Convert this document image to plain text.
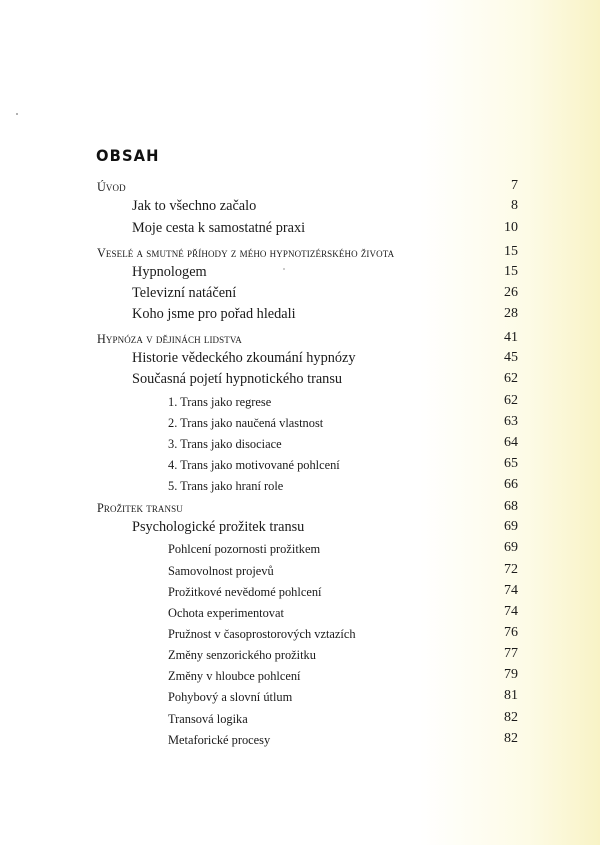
OBSAH
Úvod	7
Jak to všechno začalo	8
Moje cesta k samostatné praxi	10
Veselé a smutné příhody z mého hypnotizérského života	15
Hypnologem	15
Televizní natáčení	26
Koho jsme pro pořad hledali	28
Hypnóza v dějinách lidstva	41
Historie vědeckého zkoumání hypnózy	45
Současná pojetí hypnotického transu	62
1. Trans jako regrese	62
2. Trans jako naučená vlastnost	63
3. Trans jako disociace	64
4. Trans jako motivované pohlcení	65
5. Trans jako hraní role	66
Prožitek transu	68
Psychologické prožitek transu	69
Pohlcení pozornosti prožitkem	69
Samovolnost projevů	72
Prožitkové nevědomé pohlcení	74
Ochota experimentovat	74
Pružnost v časoprostorových vztazích	76
Změny senzorického prožitku	77
Změny v hloubce pohlcení	79
Pohybový a slovní útlum	81
Transová logika	82
Metaforické procesy	82
